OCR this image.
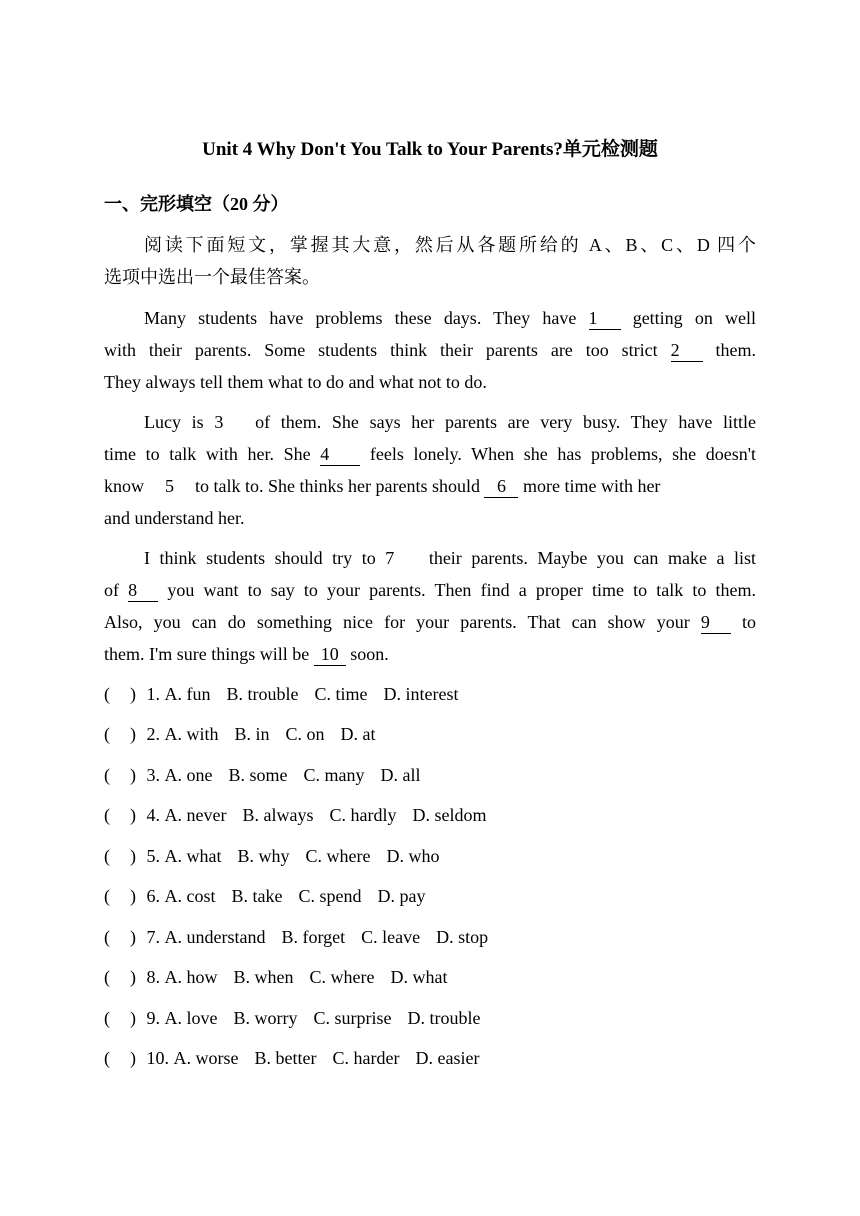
Unit 4 Why Don't You Talk to Your Parents?单元检测题
一、完形填空（20 分）
阅读下面短文，掌握其大意，然后从各题所给的 A、B、C、D 四个
选项中选出一个最佳答案。
Many students have problems these days. They have 1 getting on well
with their parents. Some students think their parents are too strict 2 them.
They always tell them what to do and what not to do.
Lucy is 3 of them. She says her parents are very busy. They have little
time to talk with her. She 4 feels lonely. When she has problems, she doesn't
know 5 to talk to. She thinks her parents should 6 more time with her
and understand her.
I think students should try to 7 their parents. Maybe you can make a list
of 8 you want to say to your parents. Then find a proper time to talk to them.
Also, you can do something nice for your parents. That can show your 9 to
them. I'm sure things will be 10 soon.
( ) 1. A. fun B. trouble C. time D. interest
( ) 2. A. with B. in C. on D. at
( ) 3. A. one B. some C. many D. all
( ) 4. A. never B. always C. hardly D. seldom
( ) 5. A. what B. why C. where D. who
( ) 6. A. cost B. take C. spend D. pay
( ) 7. A. understand B. forget C. leave D. stop
( ) 8. A. how B. when C. where D. what
( ) 9. A. love B. worry C. surprise D. trouble
( ) 10. A. worse B. better C. harder D. easier
